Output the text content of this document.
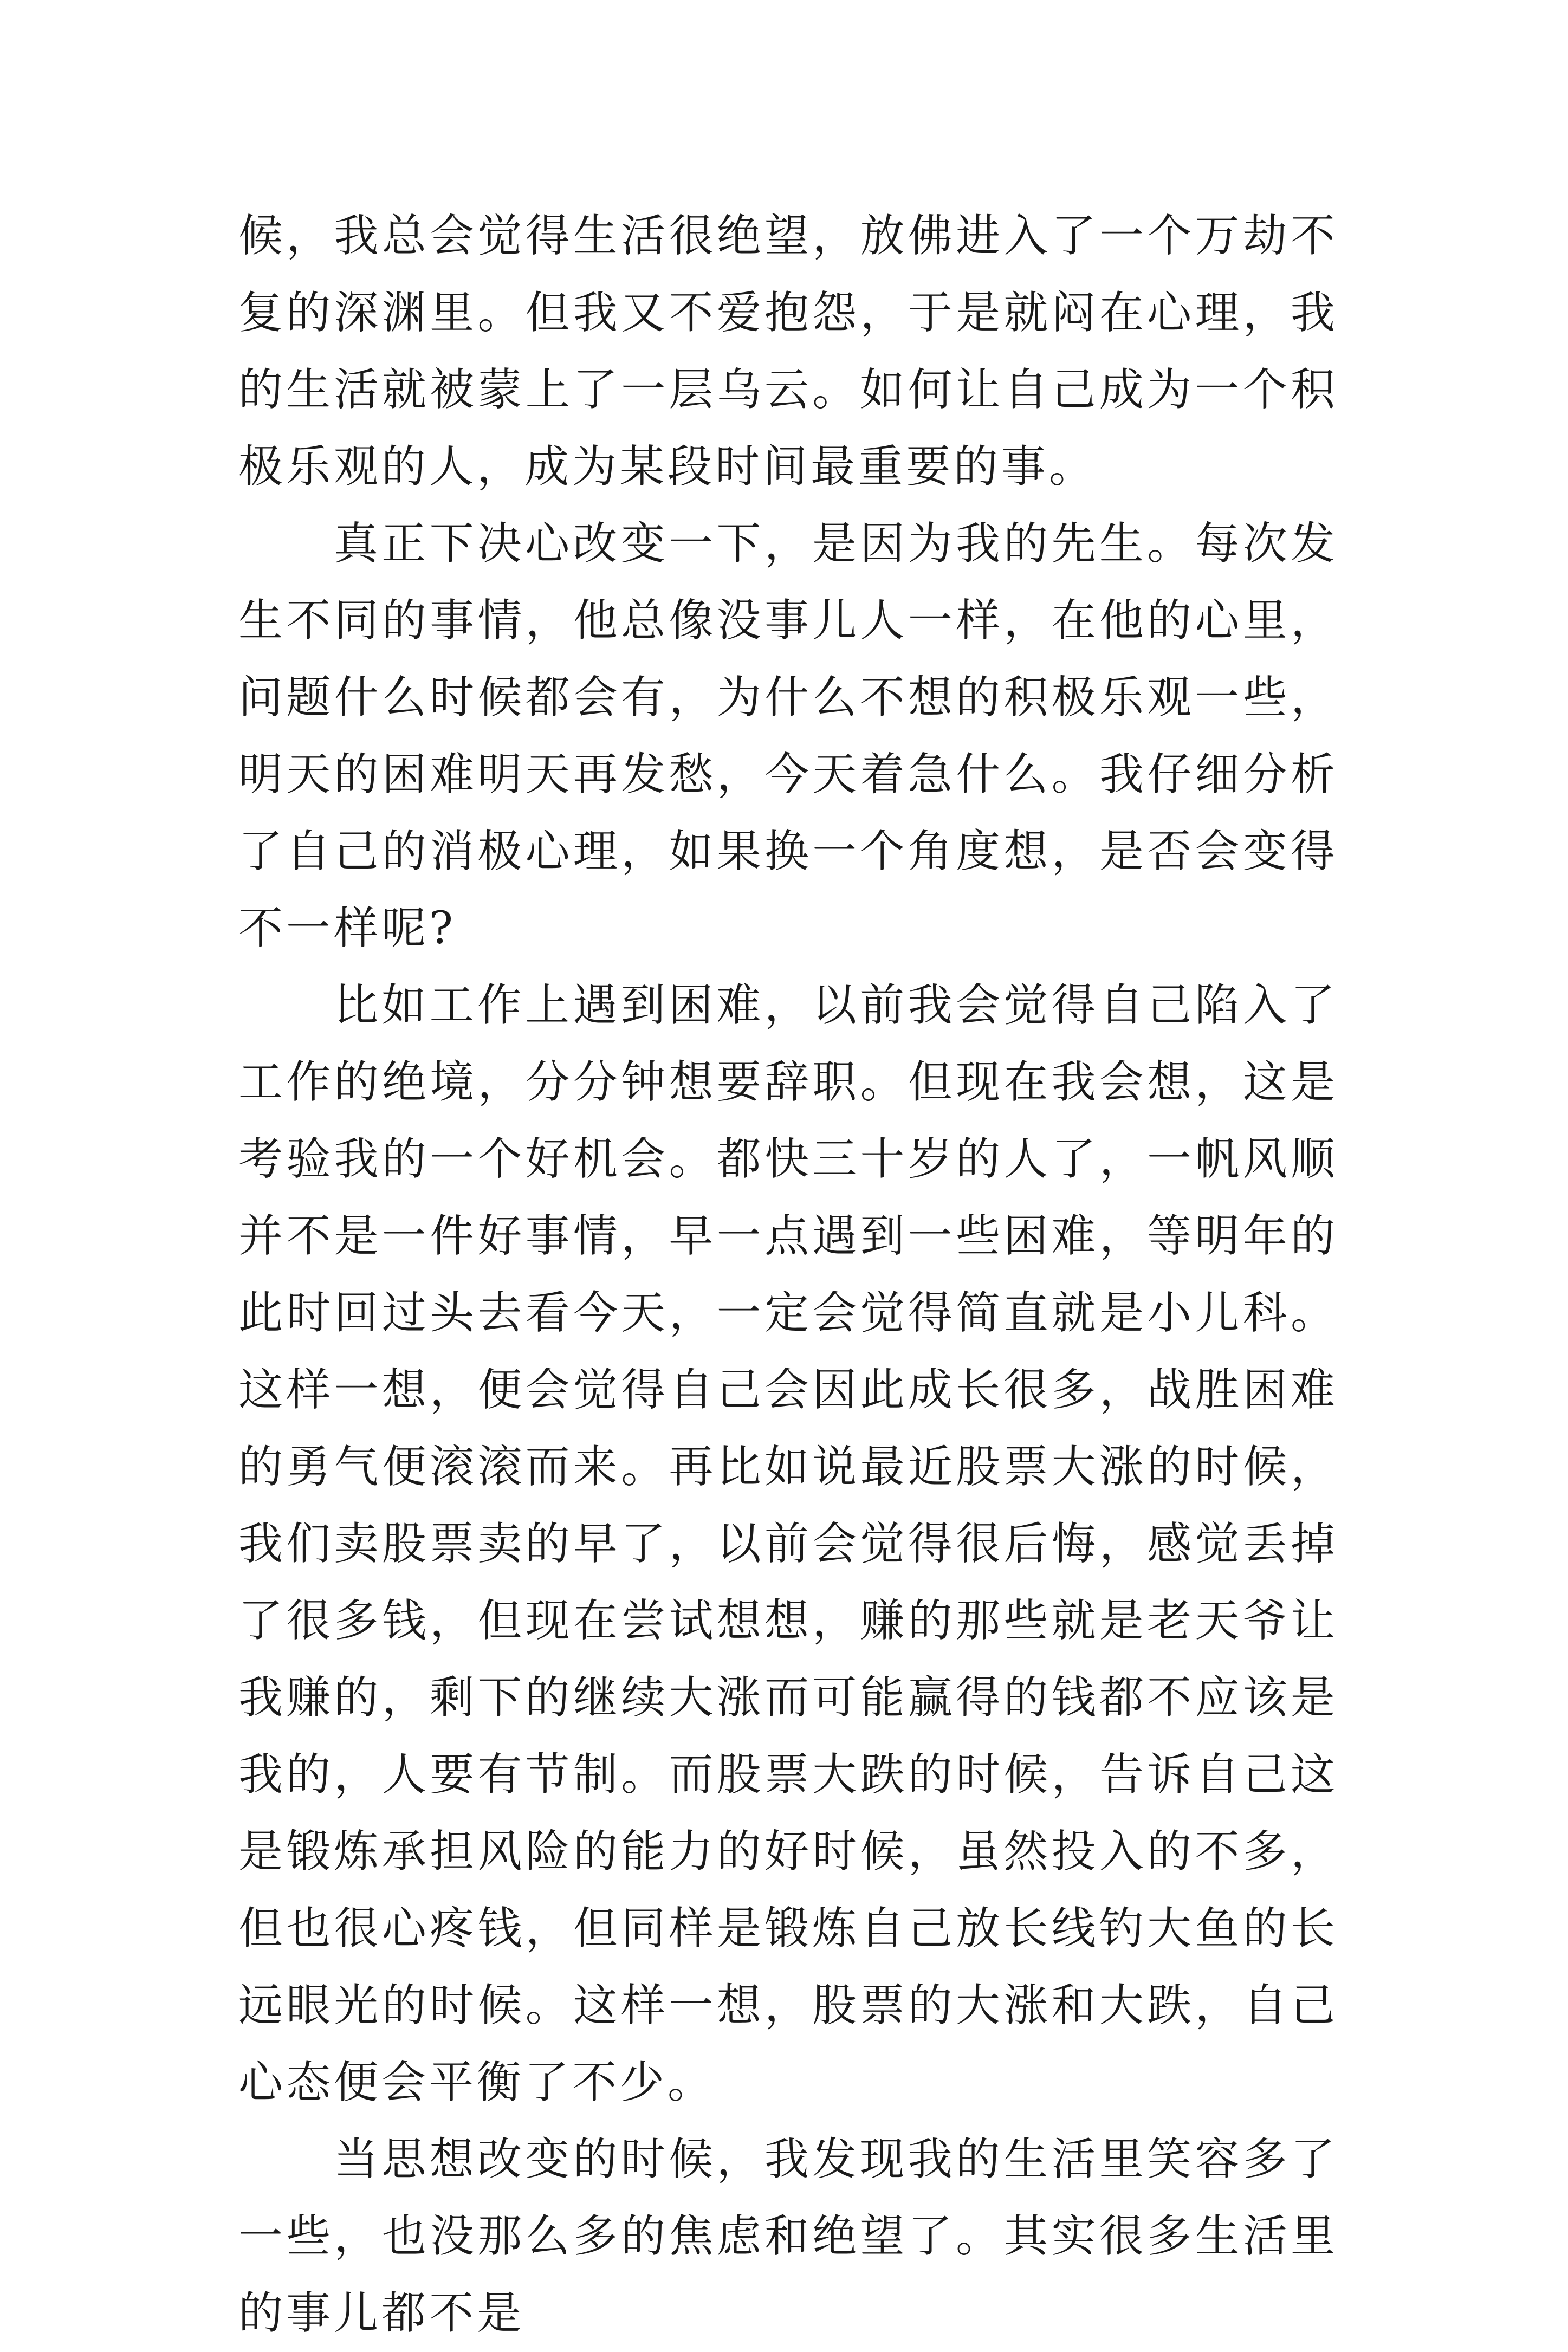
候，我总会觉得生活很绝望，放佛进入了一个万劫不复的深渊里。但我又不爱抱怨，于是就闷在心理，我的生活就被蒙上了一层乌云。如何让自己成为一个积极乐观的人，成为某段时间最重要的事。

真正下决心改变一下，是因为我的先生。每次发生不同的事情，他总像没事儿人一样，在他的心里，问题什么时候都会有，为什么不想的积极乐观一些，明天的困难明天再发愁，今天着急什么。我仔细分析了自己的消极心理，如果换一个角度想，是否会变得不一样呢?

比如工作上遇到困难，以前我会觉得自己陷入了工作的绝境，分分钟想要辞职。但现在我会想，这是考验我的一个好机会。都快三十岁的人了，一帆风顺并不是一件好事情，早一点遇到一些困难，等明年的此时回过头去看今天，一定会觉得简直就是小儿科。这样一想，便会觉得自己会因此成长很多，战胜困难的勇气便滚滚而来。再比如说最近股票大涨的时候，我们卖股票卖的早了，以前会觉得很后悔，感觉丢掉了很多钱，但现在尝试想想，赚的那些就是老天爷让我赚的，剩下的继续大涨而可能赢得的钱都不应该是我的，人要有节制。而股票大跌的时候，告诉自己这是锻炼承担风险的能力的好时候，虽然投入的不多，但也很心疼钱，但同样是锻炼自己放长线钓大鱼的长远眼光的时候。这样一想，股票的大涨和大跌，自己心态便会平衡了不少。

当思想改变的时候，我发现我的生活里笑容多了一些，也没那么多的焦虑和绝望了。其实很多生活里的事儿都不是
